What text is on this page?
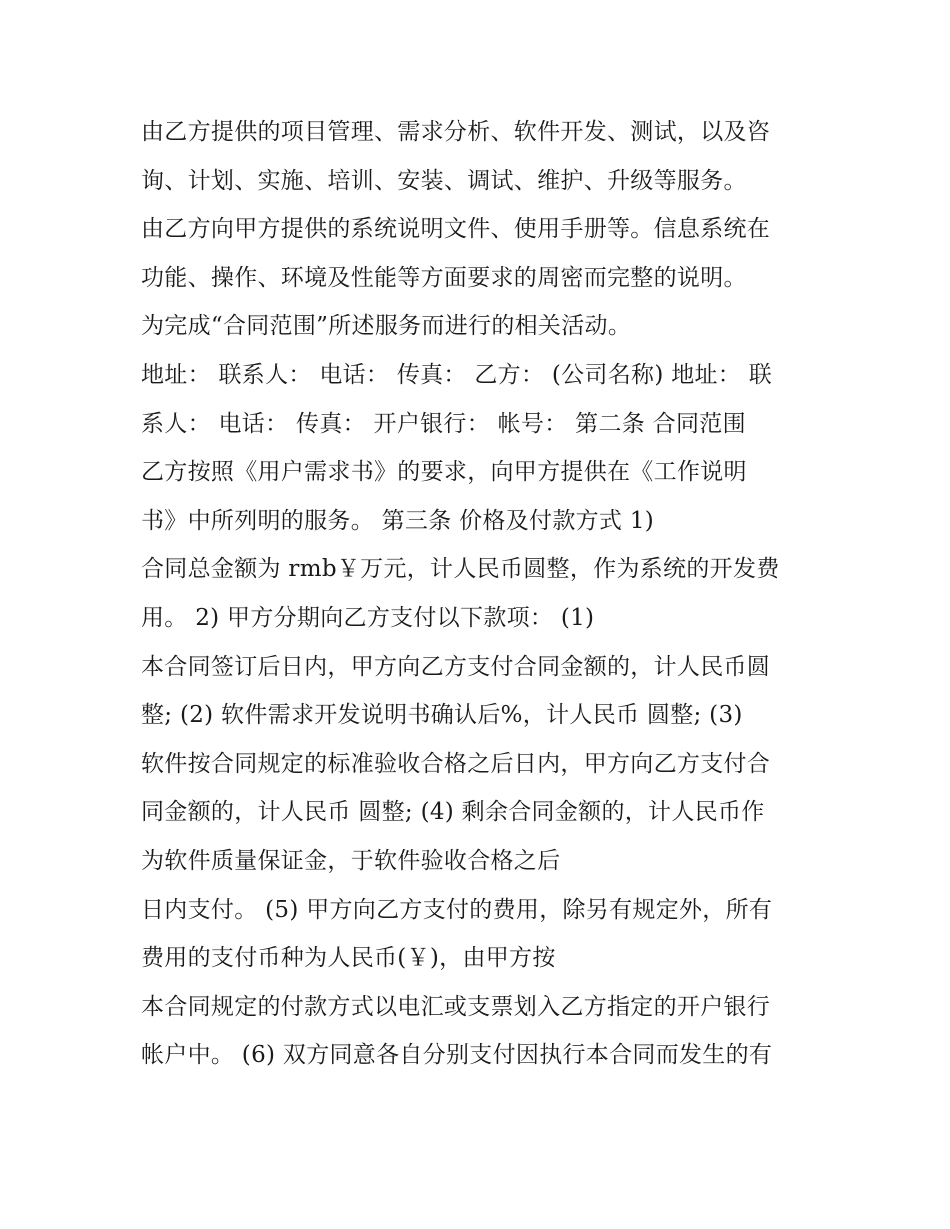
由乙方提供的项目管理、需求分析、软件开发、测试，以及咨
询、计划、实施、培训、安装、调试、维护、升级等服务。
由乙方向甲方提供的系统说明文件、使用手册等。信息系统在
功能、操作、环境及性能等方面要求的周密而完整的说明。
为完成“合同范围”所述服务而进行的相关活动。
地址： 联系人： 电话： 传真： 乙方： (公司名称) 地址： 联
系人： 电话： 传真： 开户银行： 帐号： 第二条 合同范围
乙方按照《用户需求书》的要求，向甲方提供在《工作说明
书》中所列明的服务。 第三条 价格及付款方式 1)
合同总金额为 rmb￥万元，计人民币圆整，作为系统的开发费
用。 2) 甲方分期向乙方支付以下款项： (1)
本合同签订后日内，甲方向乙方支付合同金额的，计人民币圆
整; (2) 软件需求开发说明书确认后%，计人民币 圆整; (3)
软件按合同规定的标准验收合格之后日内，甲方向乙方支付合
同金额的，计人民币 圆整; (4) 剩余合同金额的，计人民币作
为软件质量保证金，于软件验收合格之后
日内支付。 (5) 甲方向乙方支付的费用，除另有规定外，所有
费用的支付币种为人民币(￥)，由甲方按
本合同规定的付款方式以电汇或支票划入乙方指定的开户银行
帐户中。 (6) 双方同意各自分别支付因执行本合同而发生的有
